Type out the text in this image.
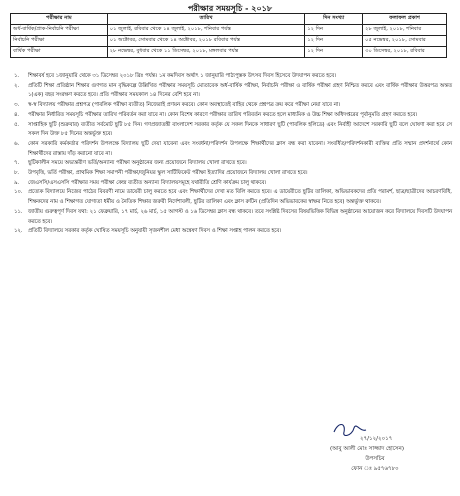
পরীক্ষার সময়সূচি - ২০১৮
পরীক্ষার নাম	তারিখ	দিন সংখ্যা	ফলাফল প্রকাশ
অর্ধ-বার্ষিক/প্রাক-নির্বাচনি পরীক্ষা	০১ জুলাই, রবিবার থেকে ১৪ জুলাই, ২০১৮, শনিবার পর্যন্ত	১২ দিন	২৮ জুলাই, ২০১৮, শনিবার
নির্বাচনি পরীক্ষা	০১ অক্টোবর, সোমবার থেকে ১৪ অক্টোবর, ২০১৮ রবিবার পর্যন্ত	১২ দিন	০৫ নভেম্বর, ২০১৮, সোমবার
বার্ষিক পরীক্ষা	২৮ নভেম্বর, বুধবার থেকে ১১ ডিসেম্বর, ২০১৮, মঙ্গলবার পর্যন্ত	১২ দিন	৩০ ডিসেম্বর, ২০১৮, রবিবার
১.	শিক্ষাবর্ষ হবে ১জানুয়ারি থেকে ৩১ ডিসেম্বর ২০১৮ খ্রিঃ পর্যন্ত। ১ম কমদিবস অর্থাৎ ১ জানুয়ারি পাঠ্যপুস্তক উৎসব দিবস হিসেবে উদযাপন করতে হবে।
২.	প্রতিটি শিক্ষা প্রতিষ্ঠান শিক্ষার গুণগত মান বৃদ্ধিকল্পে উল্লিখিত পরীক্ষার সময়সূচি মোতাবেক অর্ধ-বার্ষিক পরীক্ষা, নির্বাচনি পরীক্ষা ও বার্ষিক পরীক্ষা গ্রহণ নিশ্চিত করবে এবং বার্ষিক পরীক্ষার উত্তরপত্র অন্তত ১(এক) বছর সংরক্ষণ করতে হবে। প্রতি পরীক্ষার সময়কাল ১৪ দিনের বেশি হবে না।
৩.	স্ব-স্ব বিদ্যালয় পরীক্ষার প্রশ্নপত্র (পাবলিক পরীক্ষা ব্যতীত) নিজেরাই প্রণয়ন করবে। কোন অবস্থাতেই বাহির থেকে প্রশ্নপত্র ক্রয় করে পরীক্ষা নেয়া যাবে না।
৪.	পরীক্ষার নির্ধারিত সময়সূচি পরীক্ষার তারিখ পরিবর্তন করা যাবে না। কোন বিশেষ কারণে পরীক্ষার তারিখ পরিবর্তন করতে হলে মাধ্যমিক ও উচ্চ শিক্ষা অধিদপ্তরের পূর্বানুমতি গ্রহণ করতে হবে।
৫.	সাপ্তাহিক ছুটি (শুক্রবার) ব্যতীত সর্বমোট ছুটি ৮৫ দিন। গণপ্রজাতন্ত্রী বাংলাদেশ সরকার কর্তৃক যে সকল দিনকে সাধারণ ছুটি (পাবলিক হলিডে) এবং নির্বাহী আদেশে সরকারি ছুটি বলে ঘোষণা করা হবে সে সকল দিন উক্ত ৮৫ দিনের অন্তর্ভুক্ত হবে।
৬.	কোন সরকারি কর্মকর্তার পরিদর্শন উপলক্ষে বিদ্যালয় ছুটি দেয়া যাবেনা এবং সংবর্ধনা/পরিদর্শন উপলক্ষে শিক্ষার্থীদের ক্লাস বন্ধ করা যাবেনা। সংবর্ধিত/পরিদর্শনকারী ব্যক্তির প্রতি সম্মান প্রদর্শনার্থে কোন শিক্ষার্থীদের রাস্তায় দাঁড় করানো যাবে না।
৭.	ছুটিকালীন সময়ে অভ্যন্তরীণ ভর্তি/অন্যান্য পরীক্ষা অনুষ্ঠানের জন্য প্রয়োজনে বিদ্যালয় খোলা রাখতে হবে।
৮.	উপবৃত্তি, ভর্তি পরীক্ষা, প্রাথমিক শিক্ষা সমাপনী পরীক্ষা/জুনিয়র স্কুল সার্টিফিকেট পরীক্ষা ইত্যাদির প্রয়োজনে বিদ্যালয় খোলা রাখতে হবে।
৯.	জেএসসি/এসএসসি পরীক্ষার সময় পরীক্ষা কেন্দ্র ব্যতীত অন্যান্য বিদ্যালয়সমূহে যথারীতি শ্রেণি কার্যক্রম চালু থাকবে।
১০.	প্রত্যেক বিদ্যালয়ে নিজের পাঠের বিবরণী নামে ডায়েরী চালু করতে হবে এবং শিক্ষার্থীদের দেখা মত বিলি করতে হবে। এ ডায়েরীতে ছুটির তালিকা, অভিভাবকদের প্রতি পরামর্শ, ছাত্র/ছাত্রীদের আচরণবিধি, শিক্ষকদের নাম ও শিক্ষাগত যোগ্যতা ধর্মীয় ও নৈতিক শিক্ষার জরুরী নির্দেশাবলী, ছুটির তালিকা এবং ক্লাস রুটিন (প্রতিদিন অভিভাবকের স্বাক্ষর নিতে হবে) অন্তর্ভুক্ত থাকবে।
১১.	জাতীয় গুরুত্বপূর্ণ দিবস যথা: ২১ ফেব্রুয়ারি, ১৭ মার্চ, ২৬ মার্চ, ১৫ আগস্ট ও ১৬ ডিসেম্বর ক্লাস বন্ধ থাকবে। তবে সংশ্লিষ্ট দিবসের বিষয়ভিত্তিক বিভিন্ন অনুষ্ঠানের আয়োজন করে বিদ্যালয়ে দিবসটি উদযাপন করতে হবে।
১২.	প্রতিটি বিদ্যালয়ে সরকার কর্তৃক ঘোষিত সময়সূচি অনুযায়ী সৃজনশীল মেধা অন্বেষণ দিবস ও শিক্ষা সপ্তাহ পালন করতে হবে।
২৭/১২/২০১৭
(আবু আলী মোঃ সাজ্জাদ হোসেন)
উপসচিব
ফোন ঃ ৯৫৭৬৭৮০
